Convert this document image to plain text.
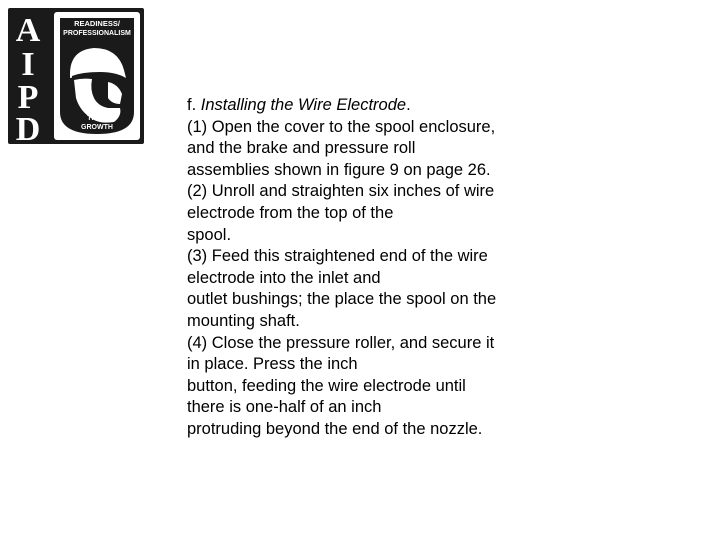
A
I
P
D
READINESS/
PROFESSIONALISM
THRU
GROWTH
f. Installing the Wire Electrode.
(1) Open the cover to the spool enclosure,
and the brake and pressure roll
assemblies shown in figure 9 on page 26.
(2) Unroll and straighten six inches of wire
electrode from the top of the
spool.
(3) Feed this straightened end of the wire
electrode into the inlet and
outlet bushings; the place the spool on the
mounting shaft.
(4) Close the pressure roller, and secure it
in place. Press the inch
button, feeding the wire electrode until
there is one-half of an inch
protruding beyond the end of the nozzle.
